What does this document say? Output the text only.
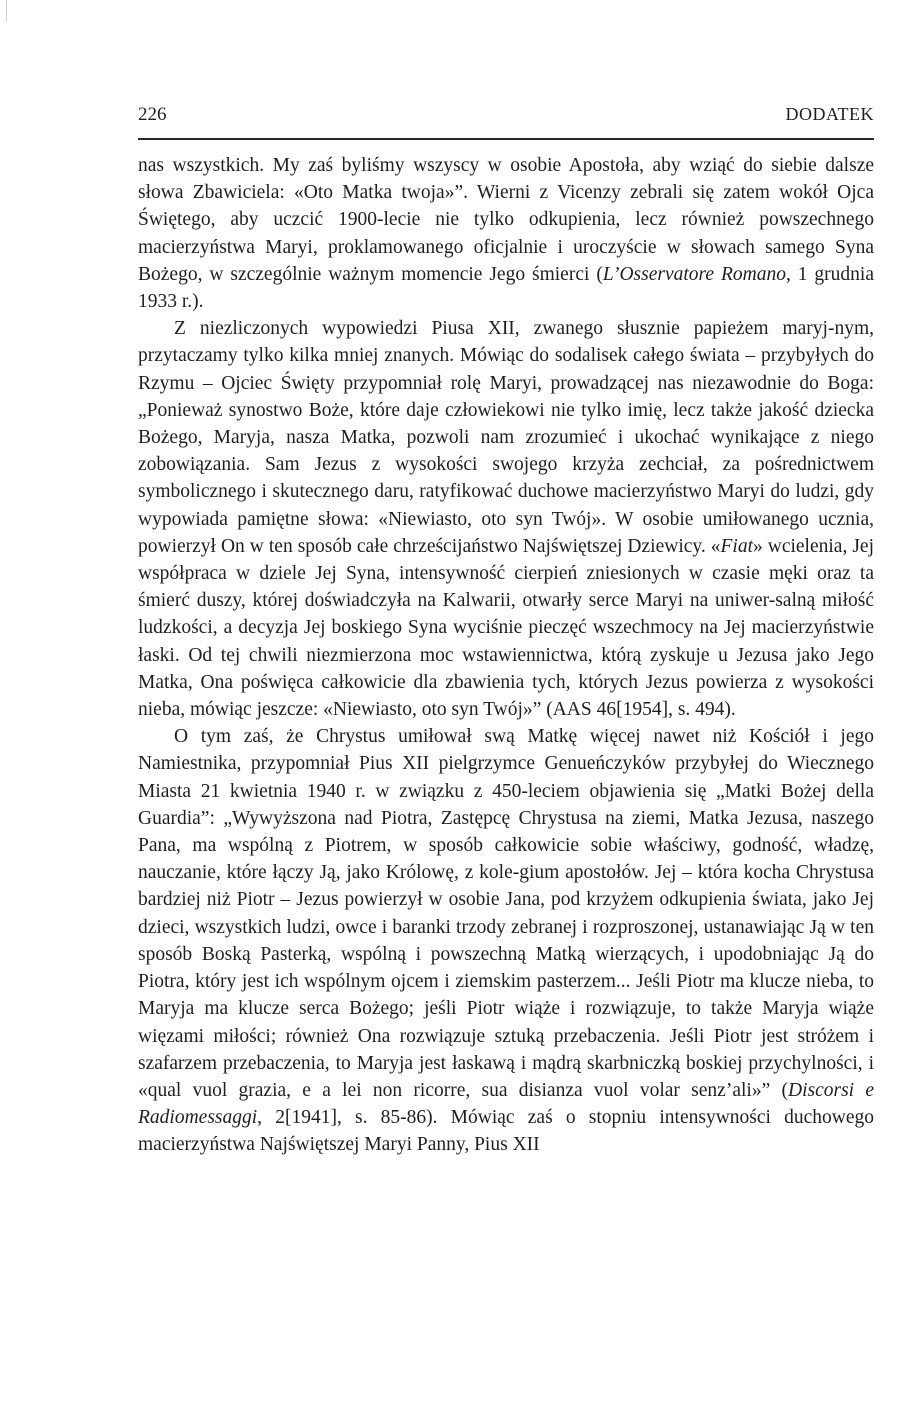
226	DODATEK

nas wszystkich. My zaś byliśmy wszyscy w osobie Apostoła, aby wziąć do siebie dalsze słowa Zbawiciela: «Oto Matka twoja»”. Wierni z Vicenzy zebrali się zatem wokół Ojca Świętego, aby uczcić 1900-lecie nie tylko odkupienia, lecz również powszechnego macierzyństwa Maryi, proklamowanego oficjalnie i uroczyście w słowach samego Syna Bożego, w szczególnie ważnym momencie Jego śmierci (L’Osservatore Romano, 1 grudnia 1933 r.).

Z niezliczonych wypowiedzi Piusa XII, zwanego słusznie papieżem maryj-nym, przytaczamy tylko kilka mniej znanych. Mówiąc do sodalisek całego świata – przybyłych do Rzymu – Ojciec Święty przypomniał rolę Maryi, prowadzącej nas niezawodnie do Boga: „Ponieważ synostwo Boże, które daje człowiekowi nie tylko imię, lecz także jakość dziecka Bożego, Maryja, nasza Matka, pozwoli nam zrozumieć i ukochać wynikające z niego zobowiązania. Sam Jezus z wysokości swojego krzyża zechciał, za pośrednictwem symbolicznego i skutecznego daru, ratyfikować duchowe macierzyństwo Maryi do ludzi, gdy wypowiada pamiętne słowa: «Niewiasto, oto syn Twój». W osobie umiłowanego ucznia, powierzył On w ten sposób całe chrześcijaństwo Najświętszej Dziewicy. «Fiat» wcielenia, Jej współpraca w dziele Jej Syna, intensywność cierpień zniesionych w czasie męki oraz ta śmierć duszy, której doświadczyła na Kalwarii, otwarły serce Maryi na uniwer-salną miłość ludzkości, a decyzja Jej boskiego Syna wyciśnie pieczęć wszechmocy na Jej macierzyństwie łaski. Od tej chwili niezmierzona moc wstawiennictwa, którą zyskuje u Jezusa jako Jego Matka, Ona poświęca całkowicie dla zbawienia tych, których Jezus powierza z wysokości nieba, mówiąc jeszcze: «Niewiasto, oto syn Twój»” (AAS 46[1954], s. 494).

O tym zaś, że Chrystus umiłował swą Matkę więcej nawet niż Kościół i jego Namiestnika, przypomniał Pius XII pielgrzymce Genueńczyków przybyłej do Wiecznego Miasta 21 kwietnia 1940 r. w związku z 450-leciem objawienia się „Matki Bożej della Guardia”: „Wywyższona nad Piotra, Zastępcę Chrystusa na ziemi, Matka Jezusa, naszego Pana, ma wspólną z Piotrem, w sposób całkowicie sobie właściwy, godność, władzę, nauczanie, które łączy Ją, jako Królowę, z kole-gium apostołów. Jej – która kocha Chrystusa bardziej niż Piotr – Jezus powierzył w osobie Jana, pod krzyżem odkupienia świata, jako Jej dzieci, wszystkich ludzi, owce i baranki trzody zebranej i rozproszonej, ustanawiając Ją w ten sposób Boską Pasterką, wspólną i powszechną Matką wierzących, i upodobniając Ją do Piotra, który jest ich wspólnym ojcem i ziemskim pasterzem... Jeśli Piotr ma klucze nieba, to Maryja ma klucze serca Bożego; jeśli Piotr wiąże i rozwiązuje, to także Maryja wiąże więzami miłości; również Ona rozwiązuje sztuką przebaczenia. Jeśli Piotr jest stróżem i szafarzem przebaczenia, to Maryja jest łaskawą i mądrą skarbniczką boskiej przychylności, i «qual vuol grazia, e a lei non ricorre, sua disianza vuol volar senz’ali»” (Discorsi e Radiomessaggi, 2[1941], s. 85-86). Mówiąc zaś o stopniu intensywności duchowego macierzyństwa Najświętszej Maryi Panny, Pius XII
